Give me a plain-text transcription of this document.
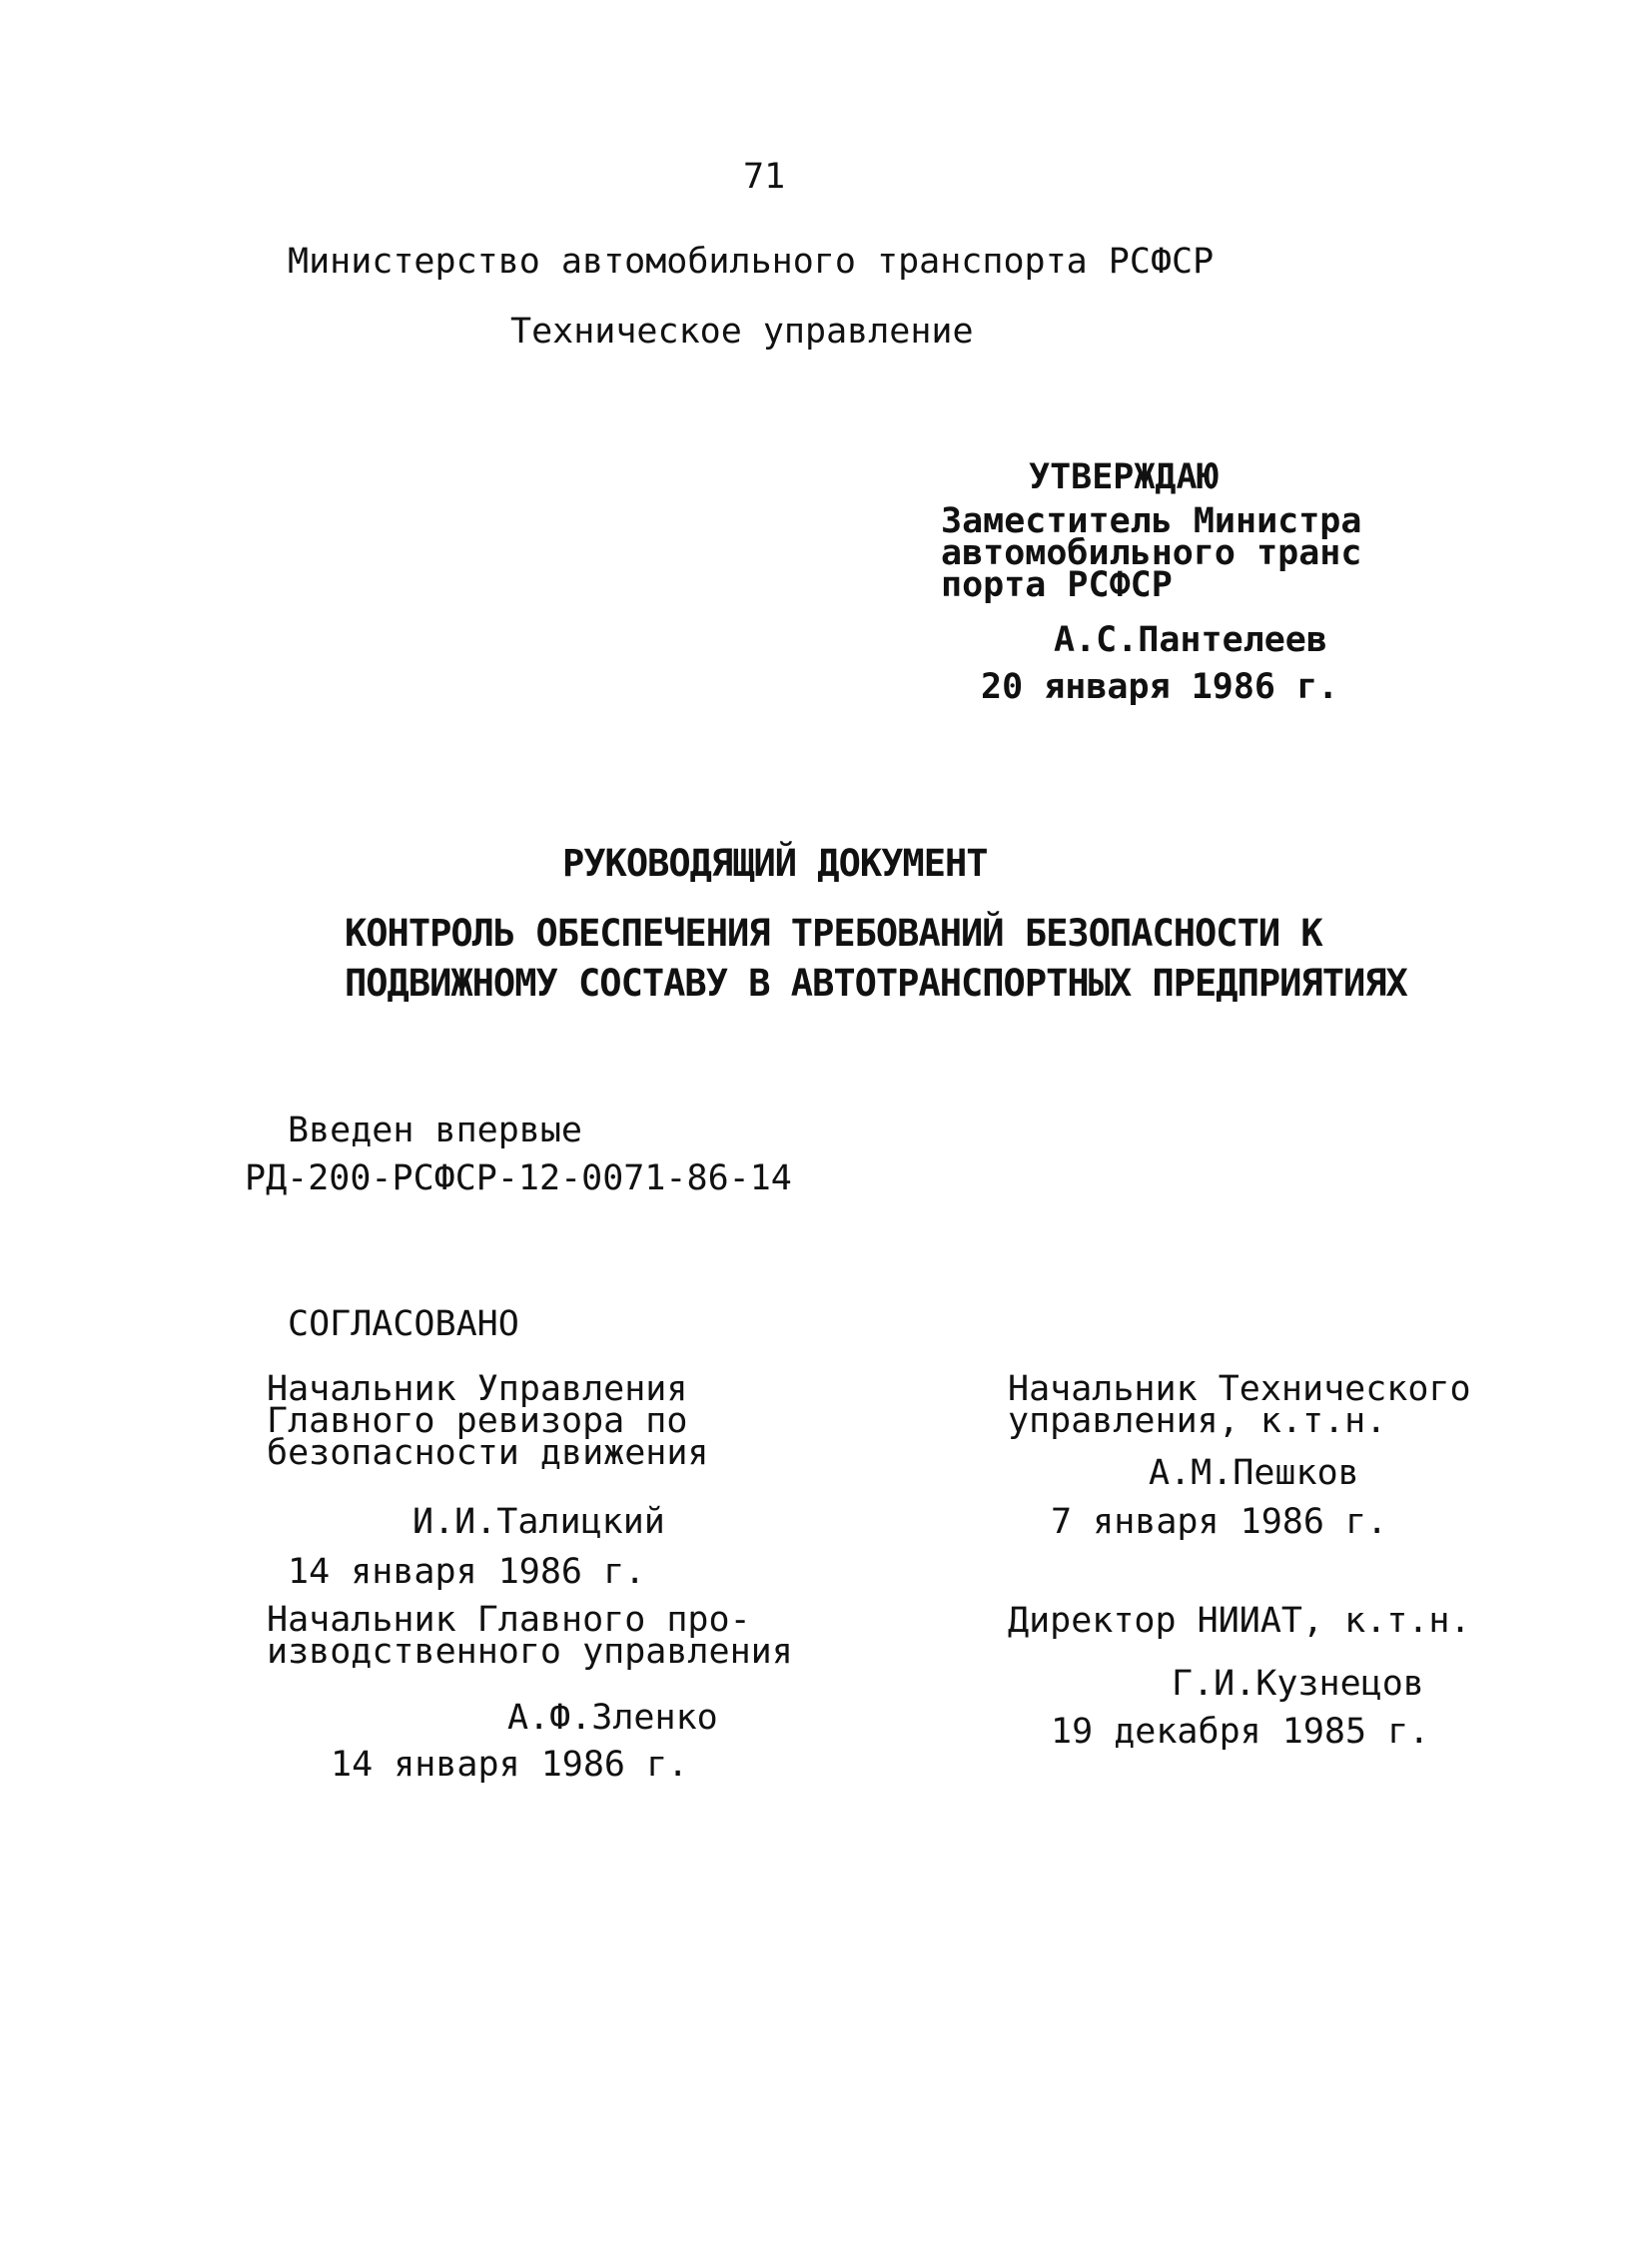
71
Министерство автомобильного транспорта РСФСР
Техническое управление
УТВЕРЖДАЮ
Заместитель Министра
автомобильного транс
порта РСФСР
А.С.Пантелеев
20 января 1986 г.
РУКОВОДЯЩИЙ ДОКУМЕНТ
КОНТРОЛЬ ОБЕСПЕЧЕНИЯ ТРЕБОВАНИЙ БЕЗОПАСНОСТИ К
ПОДВИЖНОМУ СОСТАВУ В АВТОТРАНСПОРТНЫХ ПРЕДПРИЯТИЯХ
Введен впервые
РД-200-РСФСР-12-0071-86-14
СОГЛАСОВАНО
Начальник Управления
Главного ревизора по
безопасности движения
И.И.Талицкий
14 января 1986 г.
Начальник Главного про-
изводственного управления
А.Ф.Зленко
14 января 1986 г.
Начальник Технического
управления, к.т.н.
А.М.Пешков
7 января 1986 г.
Директор НИИАТ, к.т.н.
Г.И.Кузнецов
19 декабря 1985 г.
